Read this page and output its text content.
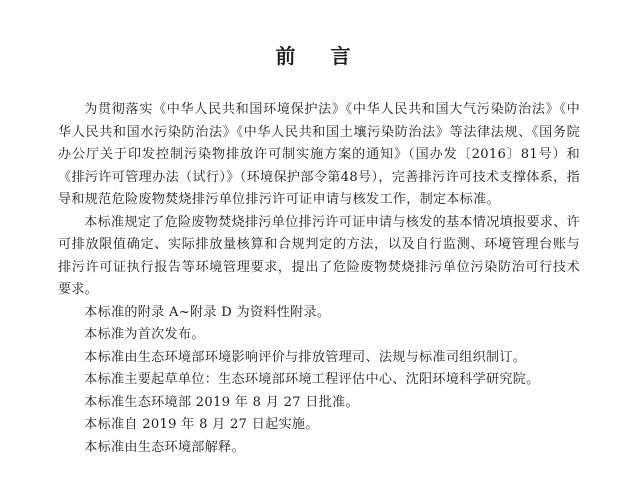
前 言

为贯彻落实《中华人民共和国环境保护法》《中华人民共和国大气污染防治法》《中华人民共和国水污染防治法》《中华人民共和国土壤污染防治法》等法律法规、《国务院办公厅关于印发控制污染物排放许可制实施方案的通知》（国办发〔2016〕81号）和《排污许可管理办法（试行）》（环境保护部令第48号），完善排污许可技术支撑体系，指导和规范危险废物焚烧排污单位排污许可证申请与核发工作，制定本标准。

本标准规定了危险废物焚烧排污单位排污许可证申请与核发的基本情况填报要求、许可排放限值确定、实际排放量核算和合规判定的方法，以及自行监测、环境管理台账与排污许可证执行报告等环境管理要求，提出了危险废物焚烧排污单位污染防治可行技术要求。

本标准的附录 A~附录 D 为资料性附录。

本标准为首次发布。

本标准由生态环境部环境影响评价与排放管理司、法规与标准司组织制订。

本标准主要起草单位：生态环境部环境工程评估中心、沈阳环境科学研究院。

本标准生态环境部 2019 年 8 月 27 日批准。

本标准自 2019 年 8 月 27 日起实施。

本标准由生态环境部解释。
